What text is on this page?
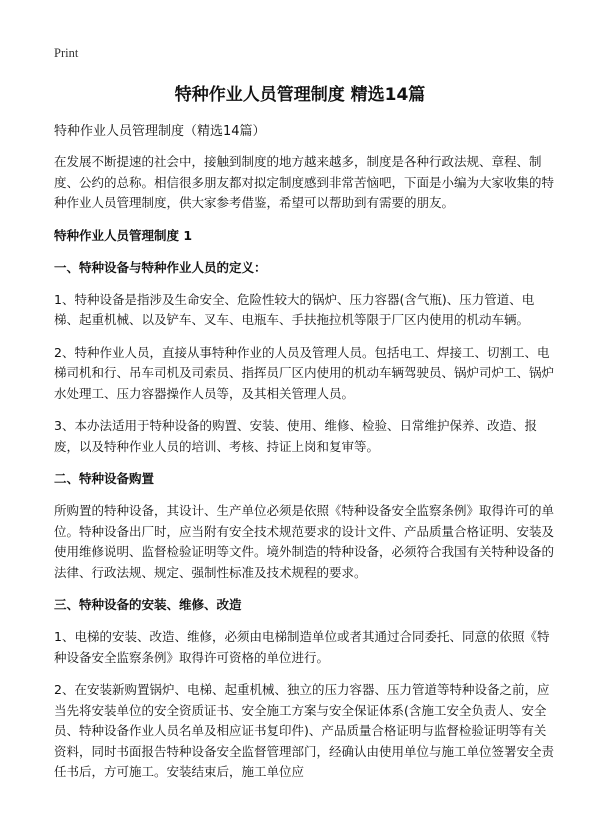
Print
特种作业人员管理制度 精选14篇

特种作业人员管理制度（精选14篇）

在发展不断提速的社会中，接触到制度的地方越来越多，制度是各种行政法规、章程、制度、公约的总称。相信很多朋友都对拟定制度感到非常苦恼吧，下面是小编为大家收集的特种作业人员管理制度，供大家参考借鉴，希望可以帮助到有需要的朋友。

特种作业人员管理制度 1

一、特种设备与特种作业人员的定义：

1、特种设备是指涉及生命安全、危险性较大的锅炉、压力容器(含气瓶)、压力管道、电梯、起重机械、以及铲车、叉车、电瓶车、手扶拖拉机等限于厂区内使用的机动车辆。

2、特种作业人员，直接从事特种作业的人员及管理人员。包括电工、焊接工、切割工、电梯司机和行、吊车司机及司索员、指挥员厂区内使用的机动车辆驾驶员、锅炉司炉工、锅炉水处理工、压力容器操作人员等，及其相关管理人员。

3、本办法适用于特种设备的购置、安装、使用、维修、检验、日常维护保养、改造、报废，以及特种作业人员的培训、考核、持证上岗和复审等。

二、特种设备购置

所购置的特种设备，其设计、生产单位必须是依照《特种设备安全监察条例》取得许可的单位。特种设备出厂时，应当附有安全技术规范要求的设计文件、产品质量合格证明、安装及使用维修说明、监督检验证明等文件。境外制造的特种设备，必须符合我国有关特种设备的法律、行政法规、规定、强制性标准及技术规程的要求。

三、特种设备的安装、维修、改造

1、电梯的安装、改造、维修，必须由电梯制造单位或者其通过合同委托、同意的依照《特种设备安全监察条例》取得许可资格的单位进行。

2、在安装新购置锅炉、电梯、起重机械、独立的压力容器、压力管道等特种设备之前，应当先将安装单位的安全资质证书、安全施工方案与安全保证体系(含施工安全负责人、安全员、特种设备作业人员名单及相应证书复印件)、产品质量合格证明与监督检验证明等有关资料，同时书面报告特种设备安全监督管理部门，经确认由使用单位与施工单位签署安全责任书后，方可施工。安装结束后，施工单位应
